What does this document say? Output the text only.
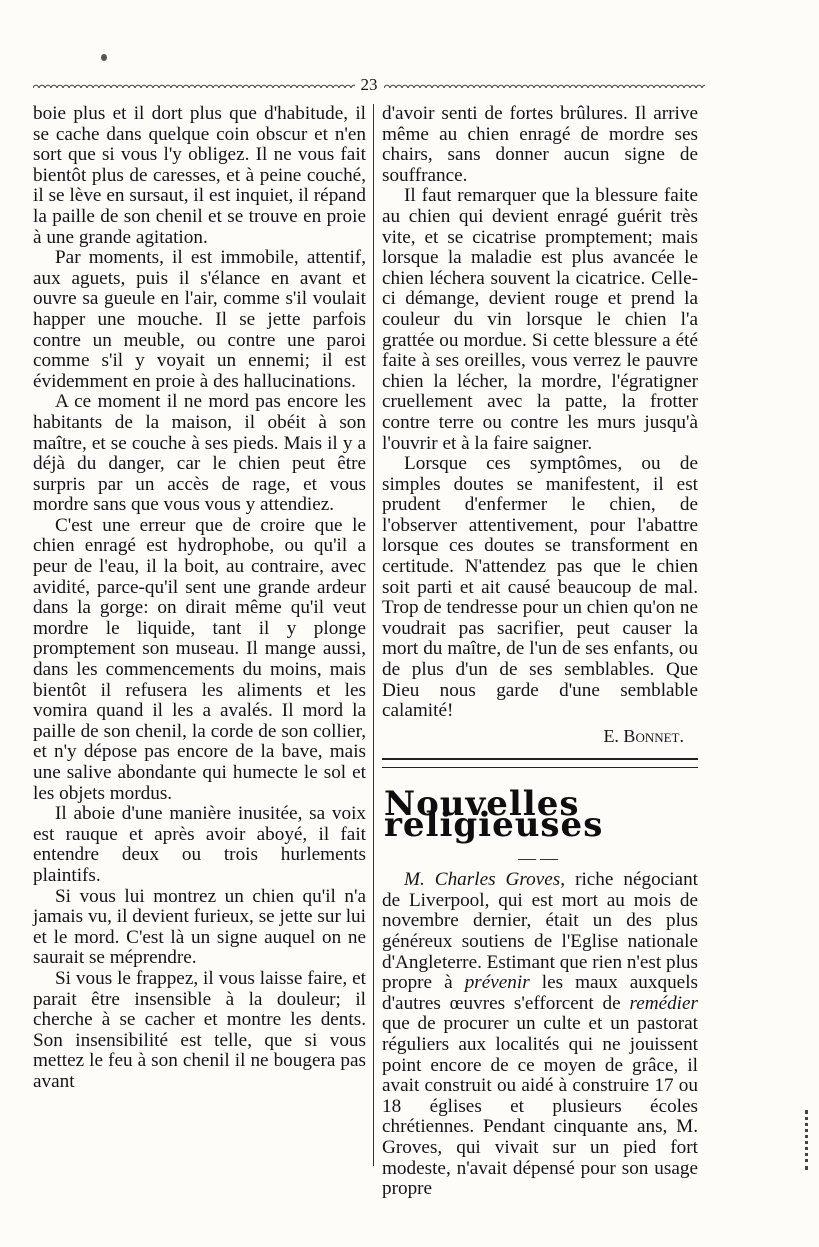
23

boie plus et il dort plus que d'habitude, il se cache dans quelque coin obscur et n'en sort que si vous l'y obligez. Il ne vous fait bientôt plus de caresses, et à peine couché, il se lève en sursaut, il est inquiet, il répand la paille de son chenil et se trouve en proie à une grande agitation.

Par moments, il est immobile, attentif, aux aguets, puis il s'élance en avant et ouvre sa gueule en l'air, comme s'il voulait happer une mouche. Il se jette parfois contre un meuble, ou contre une paroi comme s'il y voyait un ennemi; il est évidemment en proie à des hallucinations.

A ce moment il ne mord pas encore les habitants de la maison, il obéit à son maître, et se couche à ses pieds. Mais il y a déjà du danger, car le chien peut être surpris par un accès de rage, et vous mordre sans que vous vous y attendiez.

C'est une erreur que de croire que le chien enragé est hydrophobe, ou qu'il a peur de l'eau, il la boit, au contraire, avec avidité, parce-qu'il sent une grande ardeur dans la gorge: on dirait même qu'il veut mordre le liquide, tant il y plonge promptement son museau. Il mange aussi, dans les commencements du moins, mais bientôt il refusera les aliments et les vomira quand il les a avalés. Il mord la paille de son chenil, la corde de son collier, et n'y dépose pas encore de la bave, mais une salive abondante qui humecte le sol et les objets mordus.

Il aboie d'une manière inusitée, sa voix est rauque et après avoir aboyé, il fait entendre deux ou trois hurlements plaintifs.

Si vous lui montrez un chien qu'il n'a jamais vu, il devient furieux, se jette sur lui et le mord. C'est là un signe auquel on ne saurait se méprendre.

Si vous le frappez, il vous laisse faire, et parait être insensible à la douleur; il cherche à se cacher et montre les dents. Son insensibilité est telle, que si vous mettez le feu à son chenil il ne bougera pas avant

d'avoir senti de fortes brûlures. Il arrive même au chien enragé de mordre ses chairs, sans donner aucun signe de souffrance.

Il faut remarquer que la blessure faite au chien qui devient enragé guérit très vite, et se cicatrise promptement; mais lorsque la maladie est plus avancée le chien léchera souvent la cicatrice. Celle-ci démange, devient rouge et prend la couleur du vin lorsque le chien l'a grattée ou mordue. Si cette blessure a été faite à ses oreilles, vous verrez le pauvre chien la lécher, la mordre, l'égratigner cruellement avec la patte, la frotter contre terre ou contre les murs jusqu'à l'ouvrir et à la faire saigner.

Lorsque ces symptômes, ou de simples doutes se manifestent, il est prudent d'enfermer le chien, de l'observer attentivement, pour l'abattre lorsque ces doutes se transforment en certitude. N'attendez pas que le chien soit parti et ait causé beaucoup de mal. Trop de tendresse pour un chien qu'on ne voudrait pas sacrifier, peut causer la mort du maître, de l'un de ses enfants, ou de plus d'un de ses semblables. Que Dieu nous garde d'une semblable calamité!

E. Bonnet.
Nouvelles religieuses
——

M. Charles Groves, riche négociant de Liverpool, qui est mort au mois de novembre dernier, était un des plus généreux soutiens de l'Eglise nationale d'Angleterre. Estimant que rien n'est plus propre à prévenir les maux auxquels d'autres œuvres s'efforcent de remédier que de procurer un culte et un pastorat réguliers aux localités qui ne jouissent point encore de ce moyen de grâce, il avait construit ou aidé à construire 17 ou 18 églises et plusieurs écoles chrétiennes. Pendant cinquante ans, M. Groves, qui vivait sur un pied fort modeste, n'avait dépensé pour son usage propre
